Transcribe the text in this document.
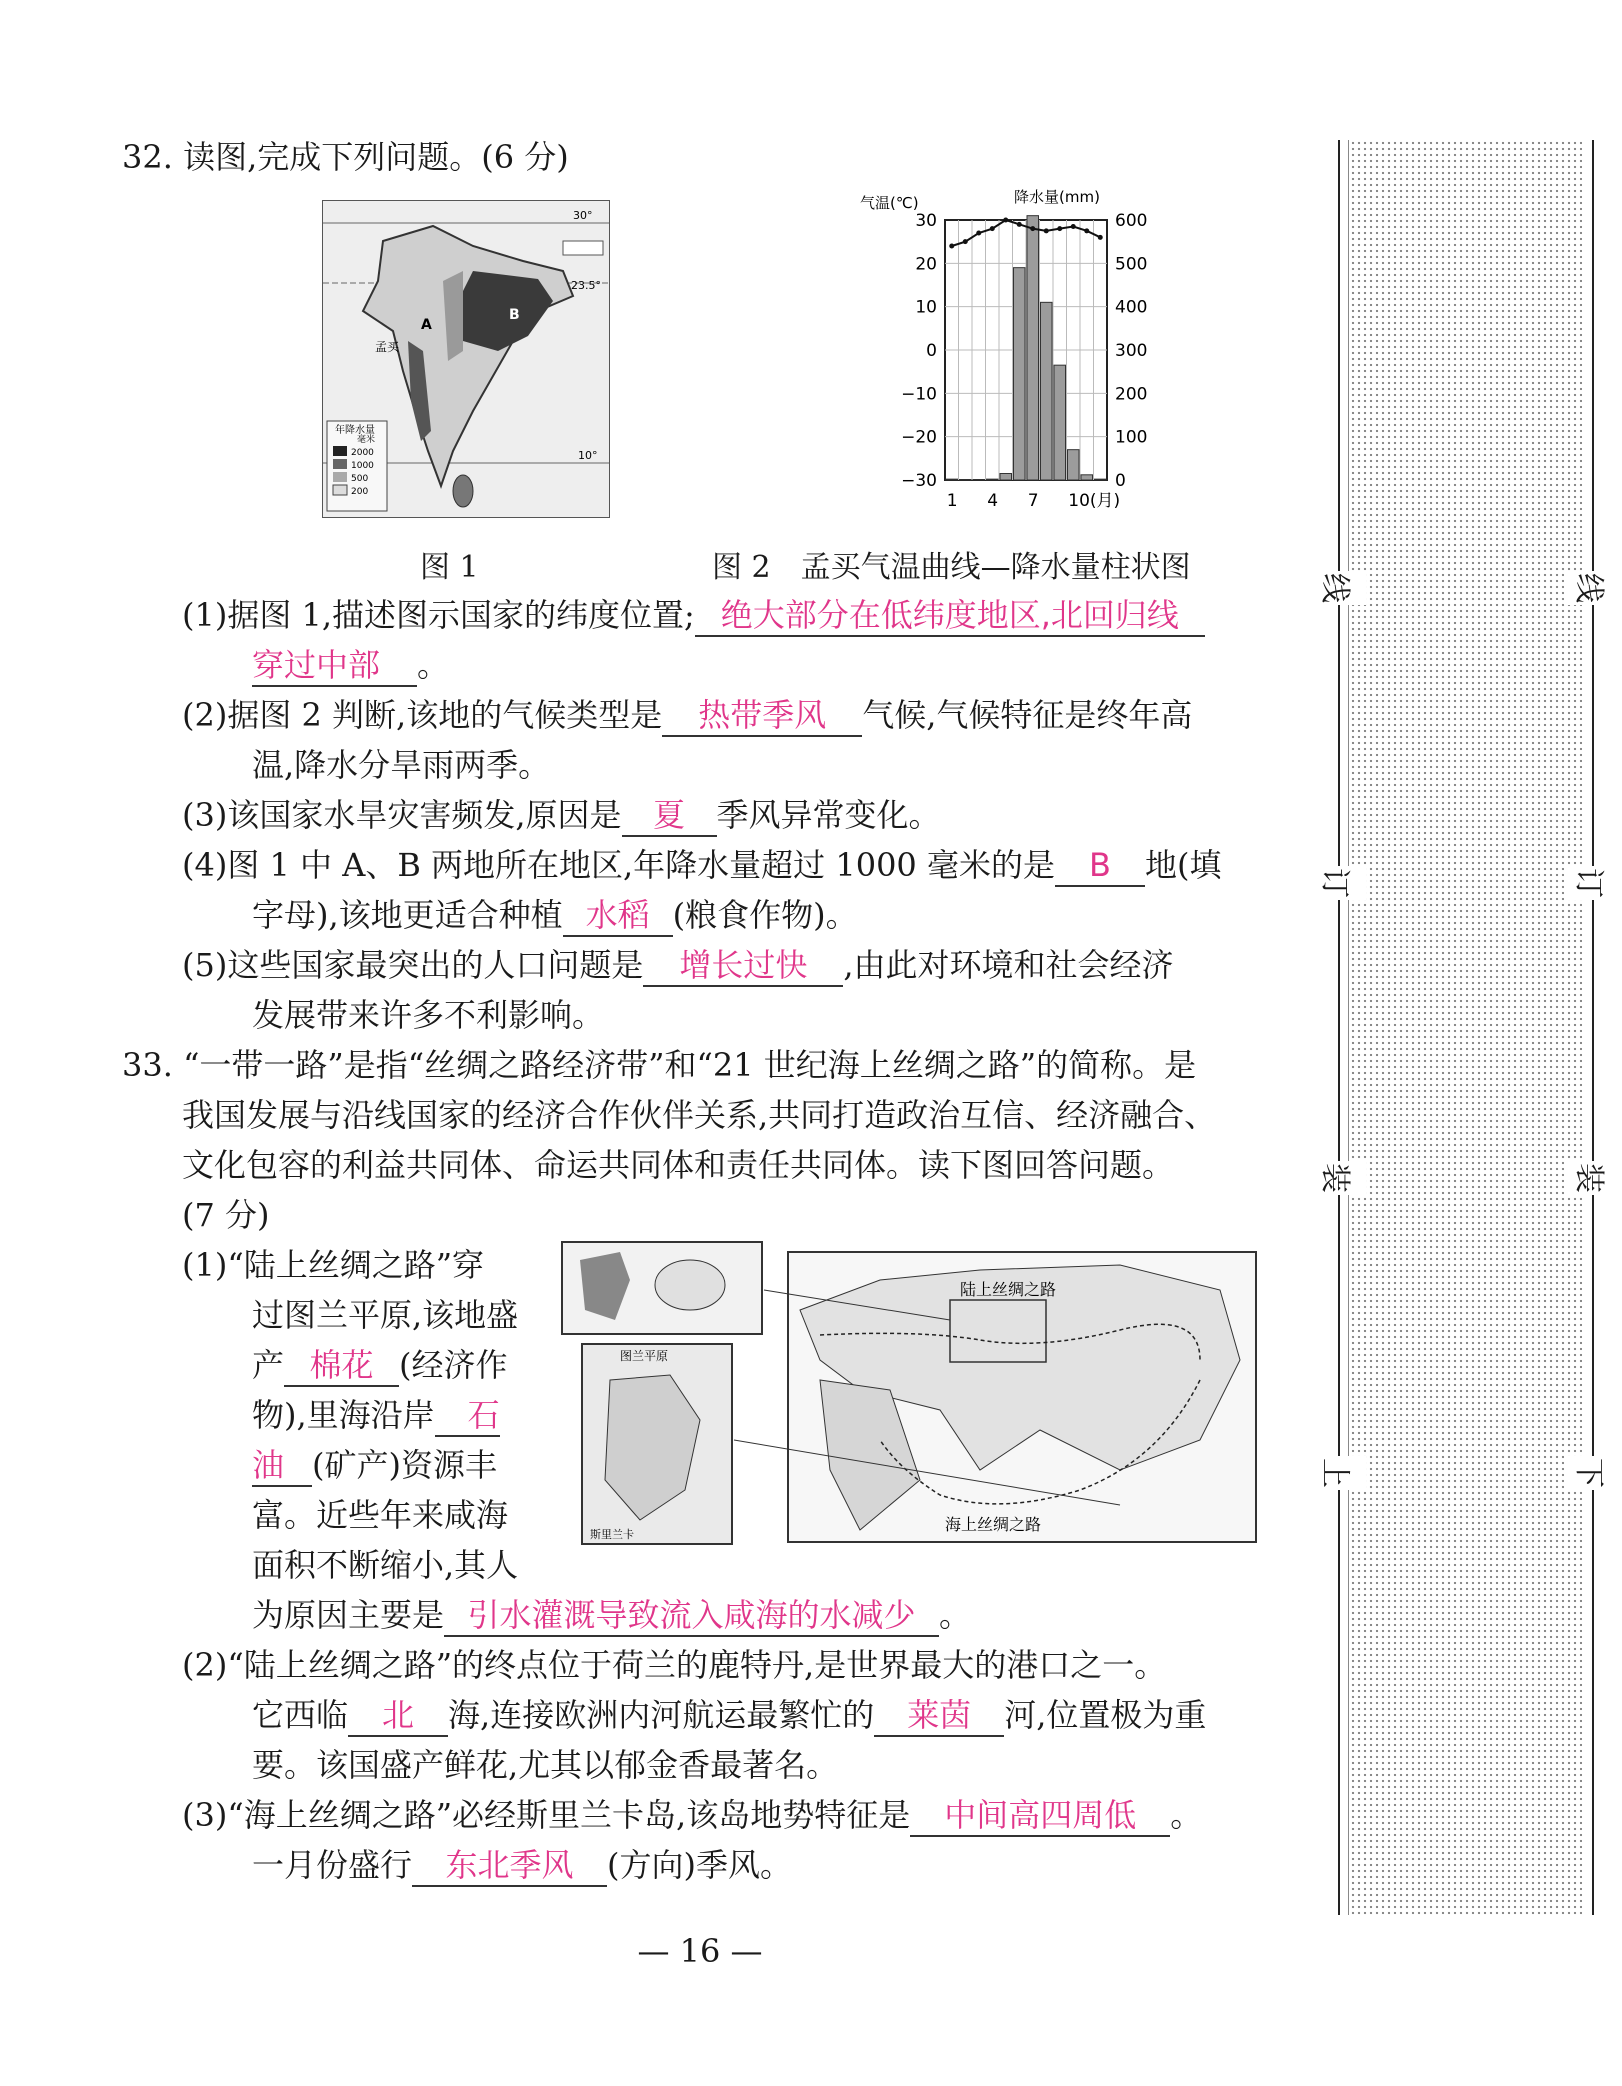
32. 读图,完成下列问题。(6 分)
年降水量
毫米
2000
1000
500
200
23.5°
10°
30°
孟买
A
B
气温(℃)	降水量(mm)
30
20
10
0
−10
−20
−30
600
500
400
300
200
100
0
1 4 7 10(月)
图 1	图 2　孟买气温曲线—降水量柱状图
(1)据图 1,描述图示国家的纬度位置; 绝大部分在低纬度地区,北回归线
穿过中部 。
(2)据图 2 判断,该地的气候类型是 热带季风 气候,气候特征是终年高
温,降水分旱雨两季。
(3)该国家水旱灾害频发,原因是 夏 季风异常变化。
(4)图 1 中 A、B 两地所在地区,年降水量超过 1000 毫米的是 B 地(填
字母),该地更适合种植 水稻 (粮食作物)。
(5)这些国家最突出的人口问题是 增长过快 ,由此对环境和社会经济
发展带来许多不利影响。
33. “一带一路”是指“丝绸之路经济带”和“21 世纪海上丝绸之路”的简称。是
我国发展与沿线国家的经济合作伙伴关系,共同打造政治互信、经济融合、
文化包容的利益共同体、命运共同体和责任共同体。读下图回答问题。
(7 分)
图兰平原
斯里兰卡
陆上丝绸之路
海上丝绸之路
(1)“陆上丝绸之路”穿
过图兰平原,该地盛
产 棉花 (经济作
物),里海沿岸 石
油 (矿产)资源丰
富。近些年来咸海
面积不断缩小,其人
为原因主要是 引水灌溉导致流入咸海的水减少 。
(2)“陆上丝绸之路”的终点位于荷兰的鹿特丹,是世界最大的港口之一。
它西临 北 海,连接欧洲内河航运最繁忙的 莱茵 河,位置极为重
要。该国盛产鲜花,尤其以郁金香最著名。
(3)“海上丝绸之路”必经斯里兰卡岛,该岛地势特征是 中间高四周低 。
一月份盛行 东北季风 (方向)季风。
— 16 —
线
订
装
上
线
订
装
下
